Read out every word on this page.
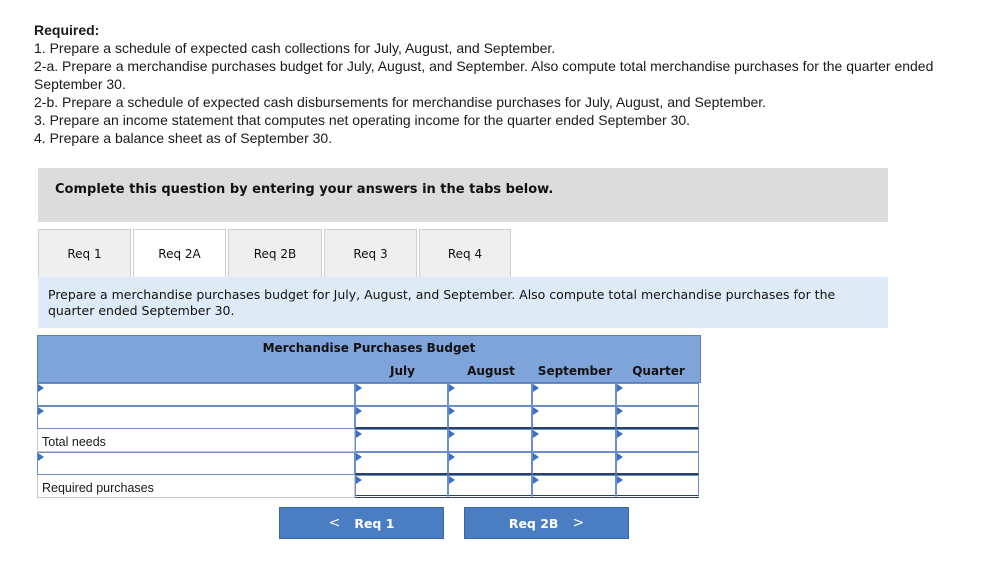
Required:
1. Prepare a schedule of expected cash collections for July, August, and September.
2-a. Prepare a merchandise purchases budget for July, August, and September. Also compute total merchandise purchases for the quarter ended September 30.
2-b. Prepare a schedule of expected cash disbursements for merchandise purchases for July, August, and September.
3. Prepare an income statement that computes net operating income for the quarter ended September 30.
4. Prepare a balance sheet as of September 30.
Complete this question by entering your answers in the tabs below.
Req 1	Req 2A	Req 2B	Req 3	Req 4
Prepare a merchandise purchases budget for July, August, and September. Also compute total merchandise purchases for the quarter ended September 30.
Merchandise Purchases Budget
July	August	September	Quarter
Total needs
Required purchases
< Req 1	Req 2B >
